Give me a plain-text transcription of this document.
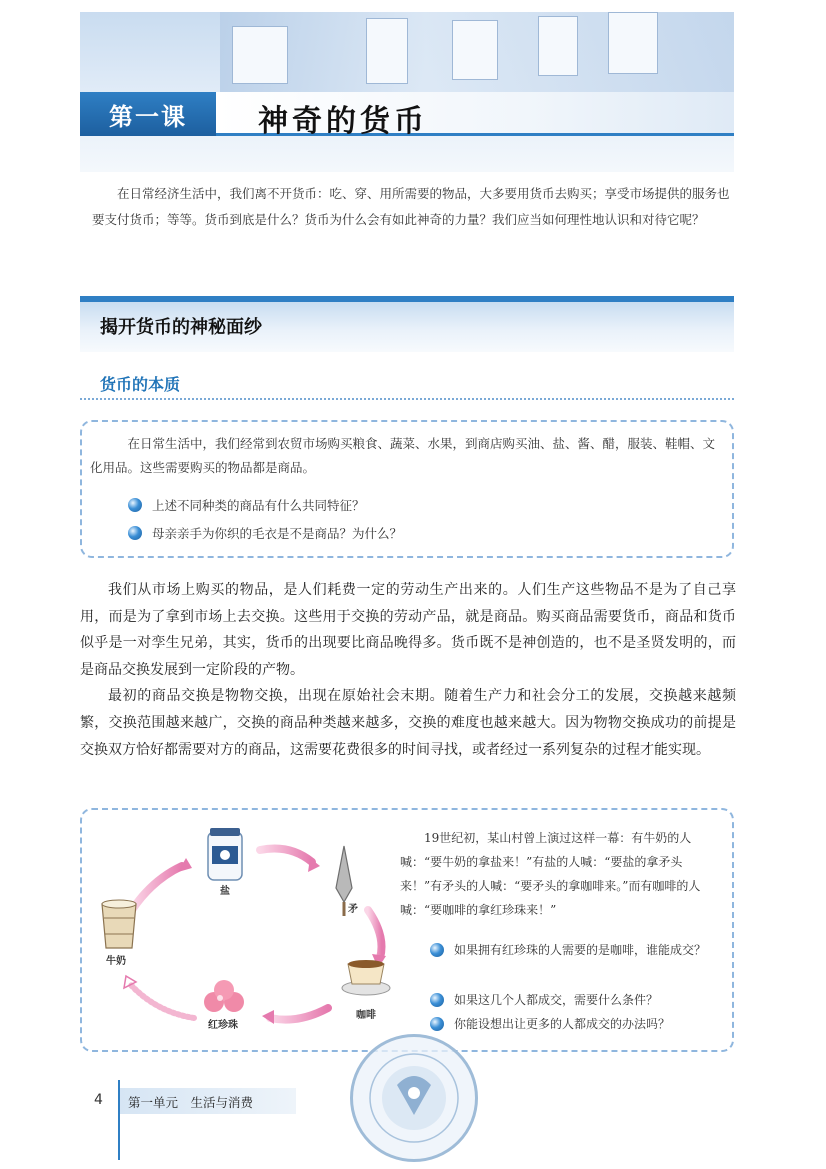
第一课	神奇的货币

在日常经济生活中，我们离不开货币：吃、穿、用所需要的物品，大多要用货币去购买；享受市场提供的服务也要支付货币；等等。货币到底是什么？货币为什么会有如此神奇的力量？我们应当如何理性地认识和对待它呢？

揭开货币的神秘面纱
货币的本质

在日常生活中，我们经常到农贸市场购买粮食、蔬菜、水果，到商店购买油、盐、酱、醋，服装、鞋帽、文化用品。这些需要购买的物品都是商品。

上述不同种类的商品有什么共同特征？
母亲亲手为你织的毛衣是不是商品？为什么？

我们从市场上购买的物品，是人们耗费一定的劳动生产出来的。人们生产这些物品不是为了自己享用，而是为了拿到市场上去交换。这些用于交换的劳动产品，就是商品。购买商品需要货币，商品和货币似乎是一对孪生兄弟，其实，货币的出现要比商品晚得多。货币既不是神创造的，也不是圣贤发明的，而是商品交换发展到一定阶段的产物。

最初的商品交换是物物交换，出现在原始社会末期。随着生产力和社会分工的发展，交换越来越频繁，交换范围越来越广，交换的商品种类越来越多，交换的难度也越来越大。因为物物交换成功的前提是交换双方恰好都需要对方的商品，这需要花费很多的时间寻找，或者经过一系列复杂的过程才能实现。

盐
矛
牛奶
咖啡
红珍珠

19世纪初，某山村曾上演过这样一幕：有牛奶的人喊：“要牛奶的拿盐来！”有盐的人喊：“要盐的拿矛头来！”有矛头的人喊：“要矛头的拿咖啡来。”而有咖啡的人喊：“要咖啡的拿红珍珠来！”

如果拥有红珍珠的人需要的是咖啡，谁能成交？
如果这几个人都成交，需要什么条件？
你能设想出让更多的人都成交的办法吗？
4 第一单元　生活与消费
